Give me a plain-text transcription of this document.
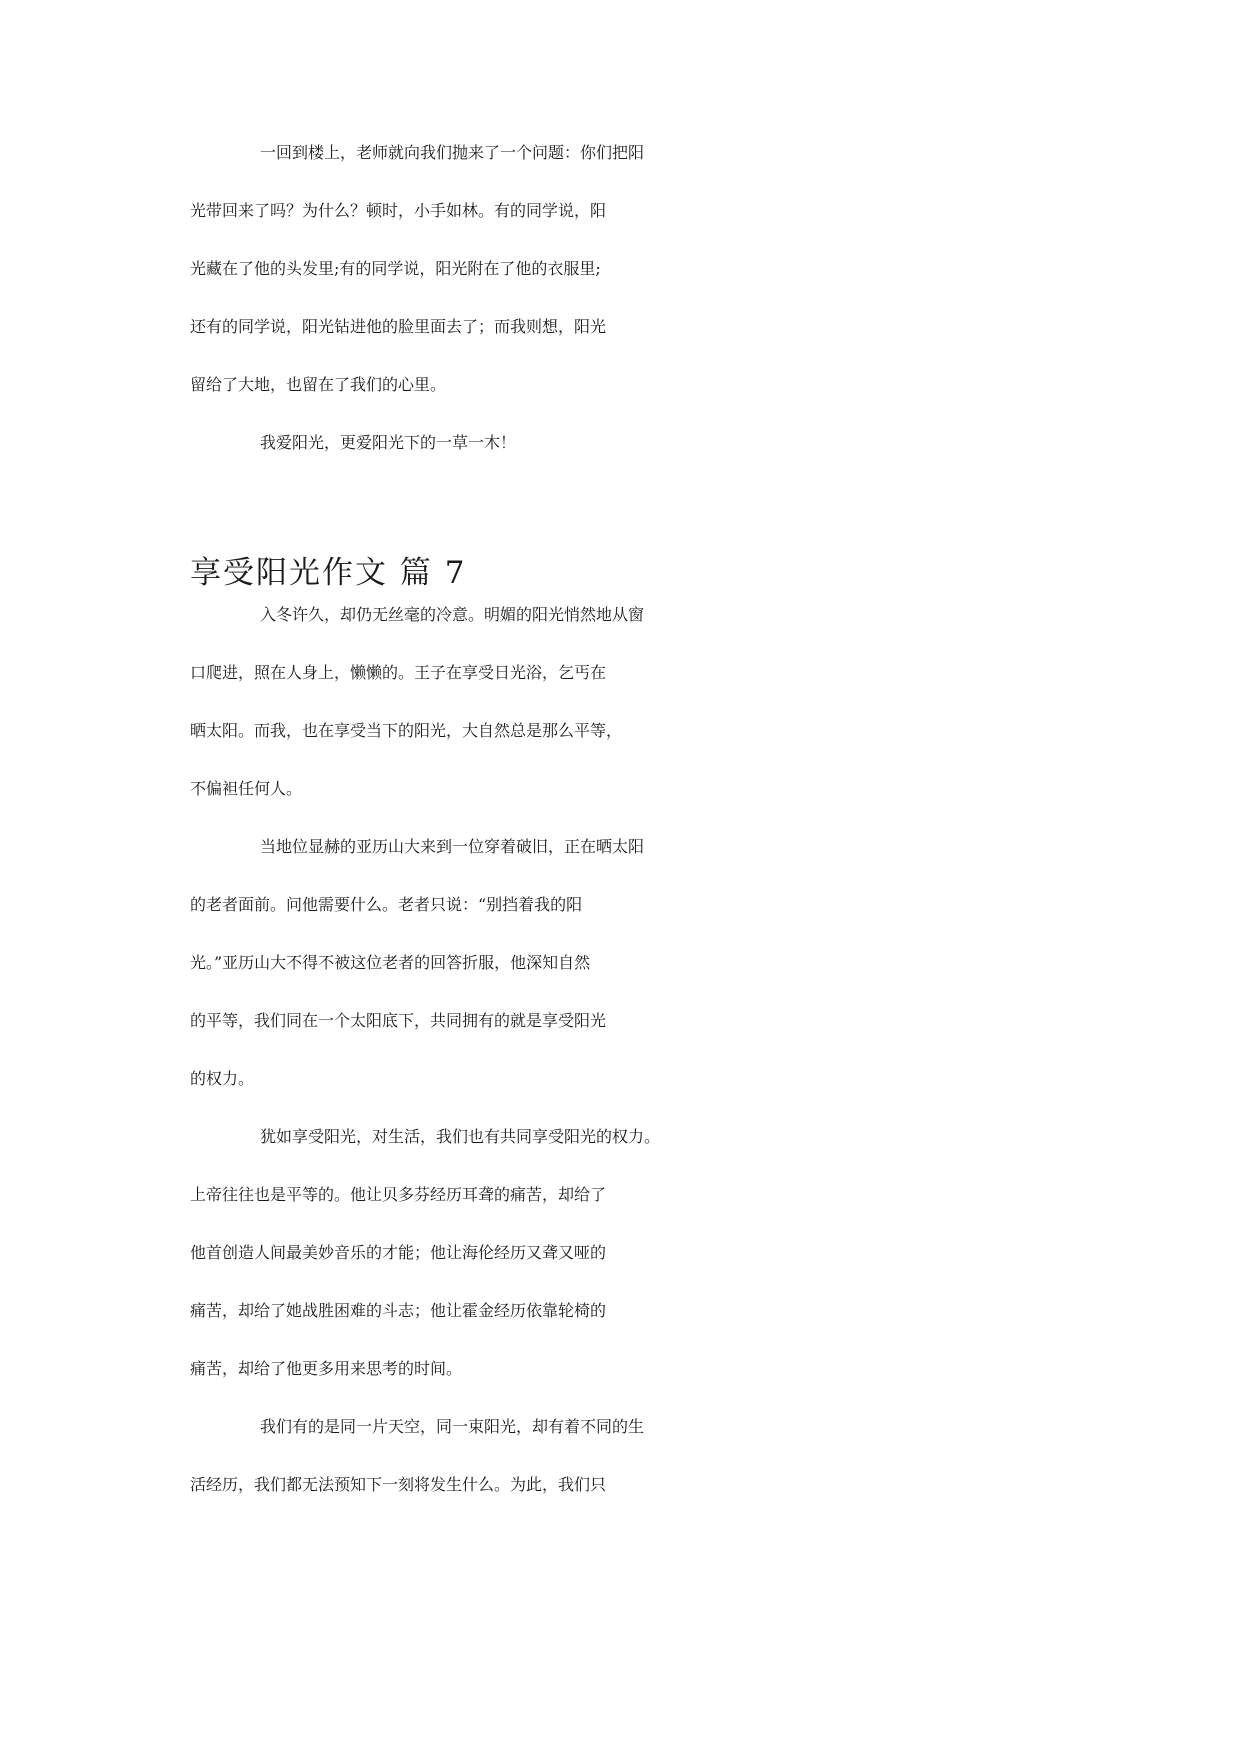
一回到楼上，老师就向我们抛来了一个问题：你们把阳
光带回来了吗？为什么？顿时，小手如林。有的同学说，阳
光藏在了他的头发里;有的同学说，阳光附在了他的衣服里;
还有的同学说，阳光钻进他的脸里面去了；而我则想，阳光
留给了大地，也留在了我们的心里。
我爱阳光，更爱阳光下的一草一木！
享受阳光作文 篇 7
入冬许久，却仍无丝毫的冷意。明媚的阳光悄然地从窗
口爬进，照在人身上，懒懒的。王子在享受日光浴，乞丐在
晒太阳。而我，也在享受当下的阳光，大自然总是那么平等，
不偏袒任何人。
当地位显赫的亚历山大来到一位穿着破旧，正在晒太阳
的老者面前。问他需要什么。老者只说：“别挡着我的阳
光。”亚历山大不得不被这位老者的回答折服，他深知自然
的平等，我们同在一个太阳底下，共同拥有的就是享受阳光
的权力。
犹如享受阳光，对生活，我们也有共同享受阳光的权力。
上帝往往也是平等的。他让贝多芬经历耳聋的痛苦，却给了
他首创造人间最美妙音乐的才能；他让海伦经历又聋又哑的
痛苦，却给了她战胜困难的斗志；他让霍金经历依靠轮椅的
痛苦，却给了他更多用来思考的时间。
我们有的是同一片天空，同一束阳光，却有着不同的生
活经历，我们都无法预知下一刻将发生什么。为此，我们只
